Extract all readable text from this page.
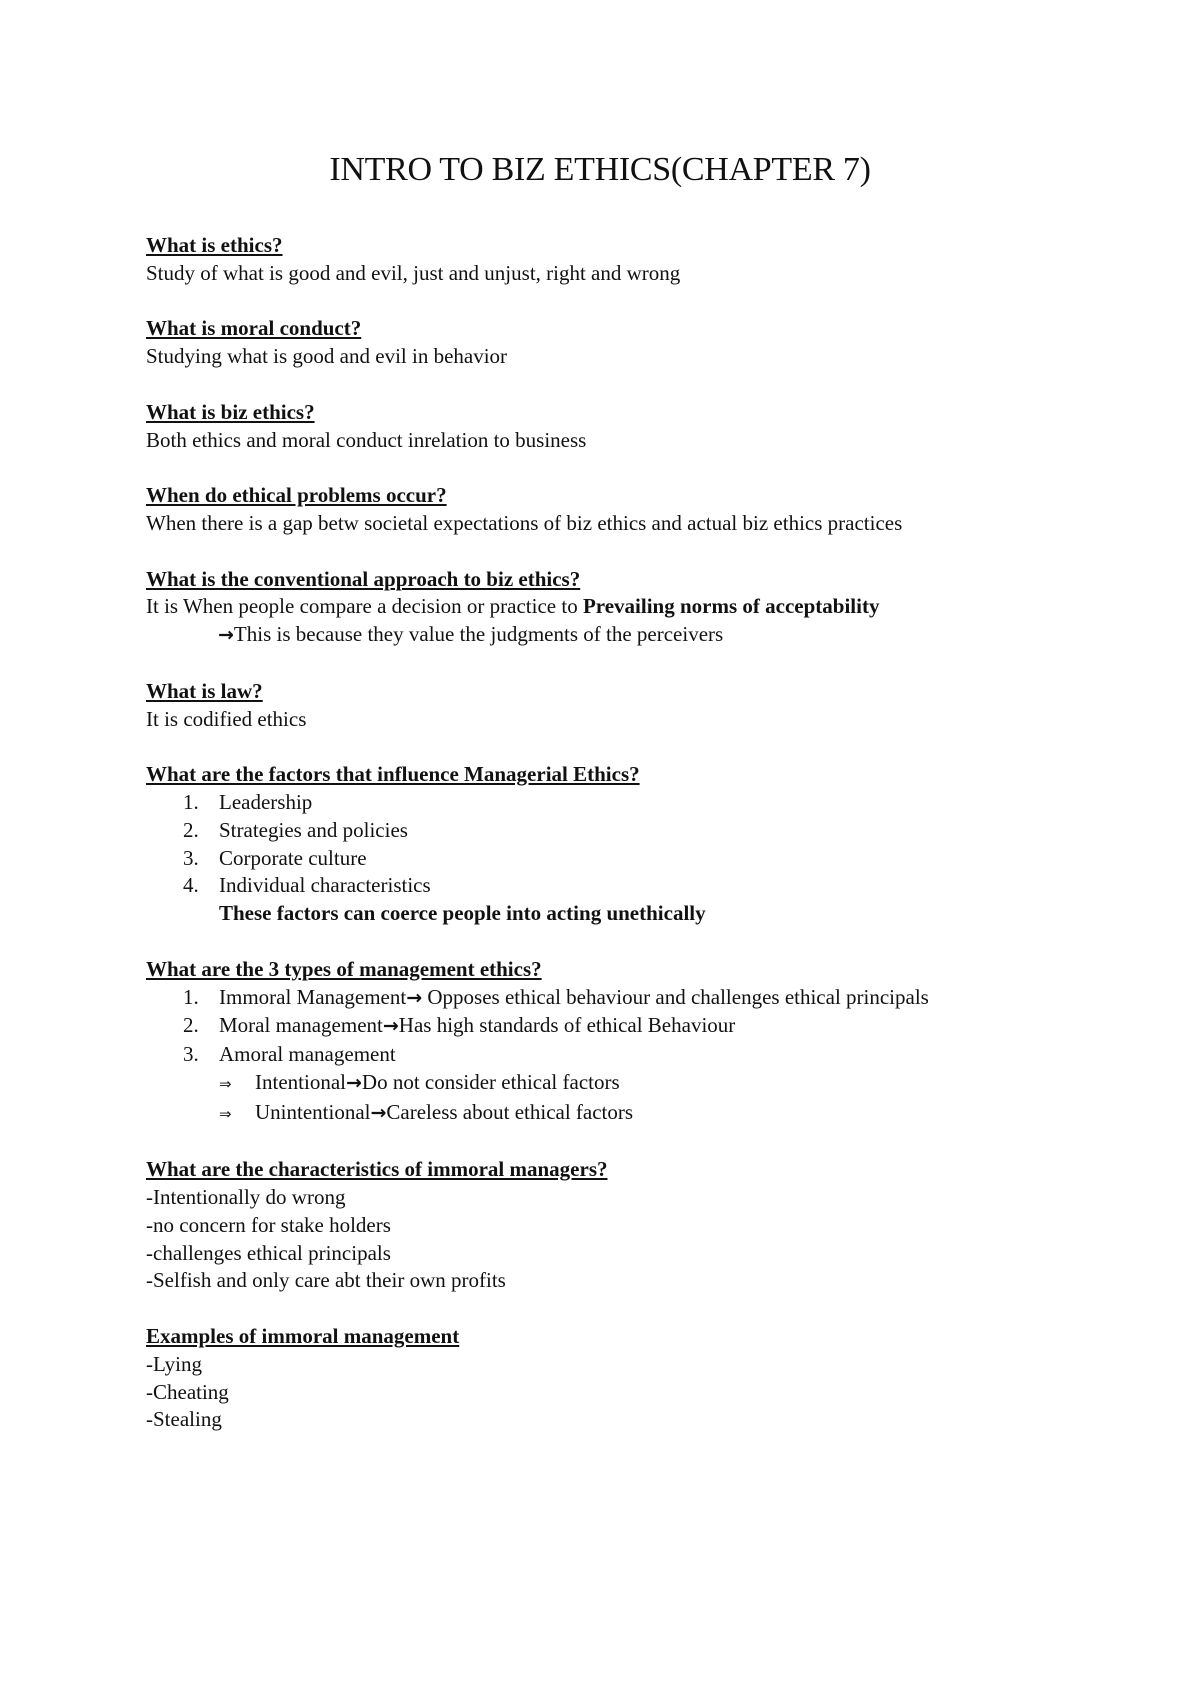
INTRO TO BIZ ETHICS(CHAPTER 7)
What is ethics?
Study of what is good and evil, just and unjust, right and wrong
What is moral conduct?
Studying what is good and evil in behavior
What is biz ethics?
Both ethics and moral conduct inrelation to business
When do ethical problems occur?
When there is a gap betw societal expectations of biz ethics and actual biz ethics practices
What is the conventional approach to biz ethics?
It is When people compare a decision or practice to Prevailing norms of acceptability
→This is because they value the judgments of the perceivers
What is law?
It is codified ethics
What are the factors that influence Managerial Ethics?
1. Leadership
2. Strategies and policies
3. Corporate culture
4. Individual characteristics
These factors can coerce people into acting unethically
What are the 3 types of management ethics?
1. Immoral Management→ Opposes ethical behaviour and challenges ethical principals
2. Moral management→Has high standards of ethical Behaviour
3. Amoral management
⇒ Intentional→Do not consider ethical factors
⇒ Unintentional→Careless about ethical factors
What are the characteristics of immoral managers?
-Intentionally do wrong
-no concern for stake holders
-challenges ethical principals
-Selfish and only care abt their own profits
Examples of immoral management
-Lying
-Cheating
-Stealing
